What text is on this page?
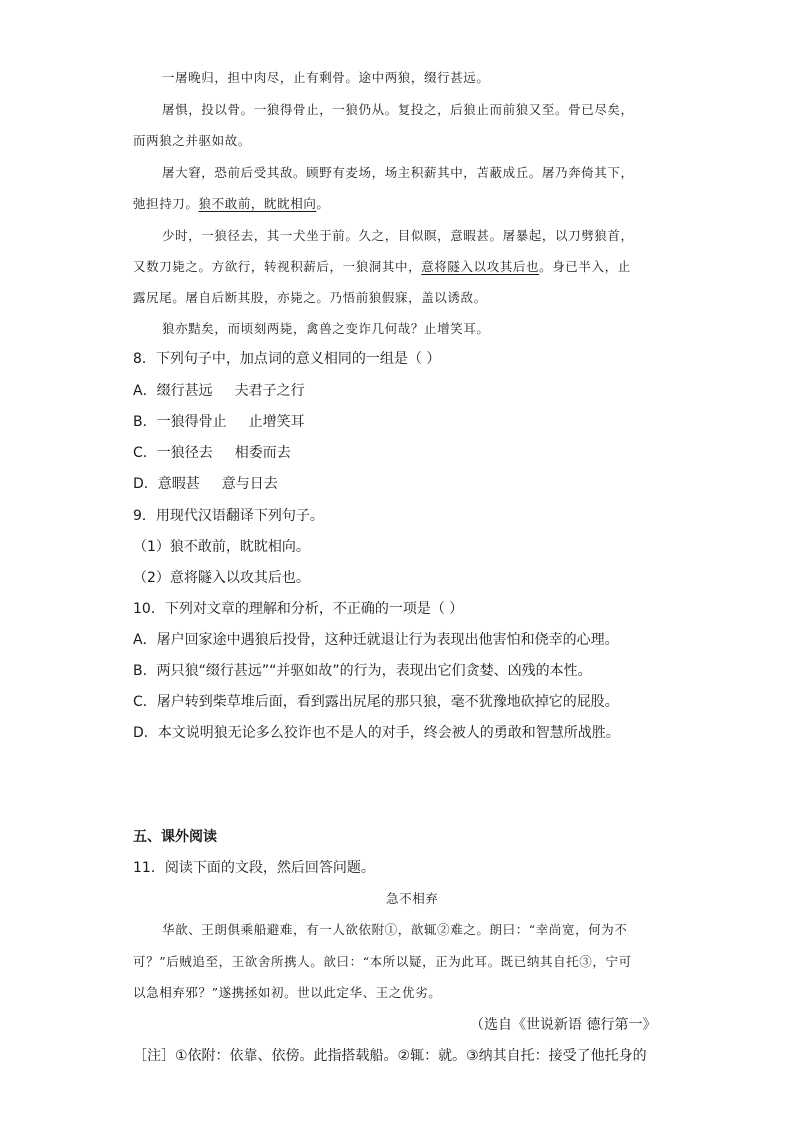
一屠晚归，担中肉尽，止有剩骨。途中两狼，缀行甚远。
屠惧，投以骨。一狼得骨止，一狼仍从。复投之，后狼止而前狼又至。骨已尽矣，
而两狼之并驱如故。
屠大窘，恐前后受其敌。顾野有麦场，场主积薪其中，苫蔽成丘。屠乃奔倚其下，
弛担持刀。狼不敢前，眈眈相向。
少时，一狼径去，其一犬坐于前。久之，目似瞑，意暇甚。屠暴起，以刀劈狼首，
又数刀毙之。方欲行，转视积薪后，一狼洞其中，意将隧入以攻其后也。身已半入，止
露尻尾。屠自后断其股，亦毙之。乃悟前狼假寐，盖以诱敌。
狼亦黠矣，而顷刻两毙，禽兽之变诈几何哉？止增笑耳。
8．下列句子中，加点词的意义相同的一组是（ ）
A．缀行甚远 夫君子之行
B．一狼得骨止 止增笑耳
C．一狼径去 相委而去
D．意暇甚 意与日去
9．用现代汉语翻译下列句子。
（1）狼不敢前，眈眈相向。
（2）意将隧入以攻其后也。
10．下列对文章的理解和分析，不正确的一项是（ ）
A．屠户回家途中遇狼后投骨，这种迁就退让行为表现出他害怕和侥幸的心理。
B．两只狼“缀行甚远”“并驱如故”的行为，表现出它们贪婪、凶残的本性。
C．屠户转到柴草堆后面，看到露出尻尾的那只狼，毫不犹豫地砍掉它的屁股。
D．本文说明狼无论多么狡诈也不是人的对手，终会被人的勇敢和智慧所战胜。
五、课外阅读
11．阅读下面的文段，然后回答问题。
急不相弃
华歆、王朗俱乘船避难，有一人欲依附①，歆辄②难之。朗曰：“幸尚宽，何为不
可？”后贼追至，王欲舍所携人。歆曰：“本所以疑，正为此耳。既已纳其自托③，宁可
以急相弃邪？”遂携拯如初。世以此定华、王之优劣。
（选自《世说新语 德行第一》
［注］①依附：依靠、依傍。此指搭载船。②辄：就。③纳其自托：接受了他托身的
